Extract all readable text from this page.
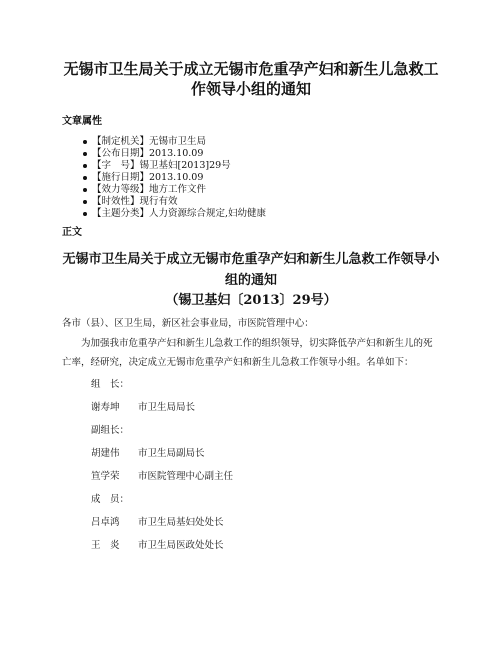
无锡市卫生局关于成立无锡市危重孕产妇和新生儿急救工作领导小组的通知

文章属性

【制定机关】无锡市卫生局
【公布日期】2013.10.09
【字　号】锡卫基妇[2013]29号
【施行日期】2013.10.09
【效力等级】地方工作文件
【时效性】现行有效
【主题分类】人力资源综合规定,妇幼健康

正文

无锡市卫生局关于成立无锡市危重孕产妇和新生儿急救工作领导小组的通知

（锡卫基妇〔2013〕29号）

各市（县）、区卫生局，新区社会事业局，市医院管理中心：

为加强我市危重孕产妇和新生儿急救工作的组织领导，切实降低孕产妇和新生儿的死亡率，经研究，决定成立无锡市危重孕产妇和新生儿急救工作领导小组。名单如下：

组　长：

谢寿坤 市卫生局局长

副组长：

胡建伟 市卫生局副局长

笪学荣 市医院管理中心副主任

成　员：

吕卓鸿 市卫生局基妇处处长

王　炎 市卫生局医政处处长
